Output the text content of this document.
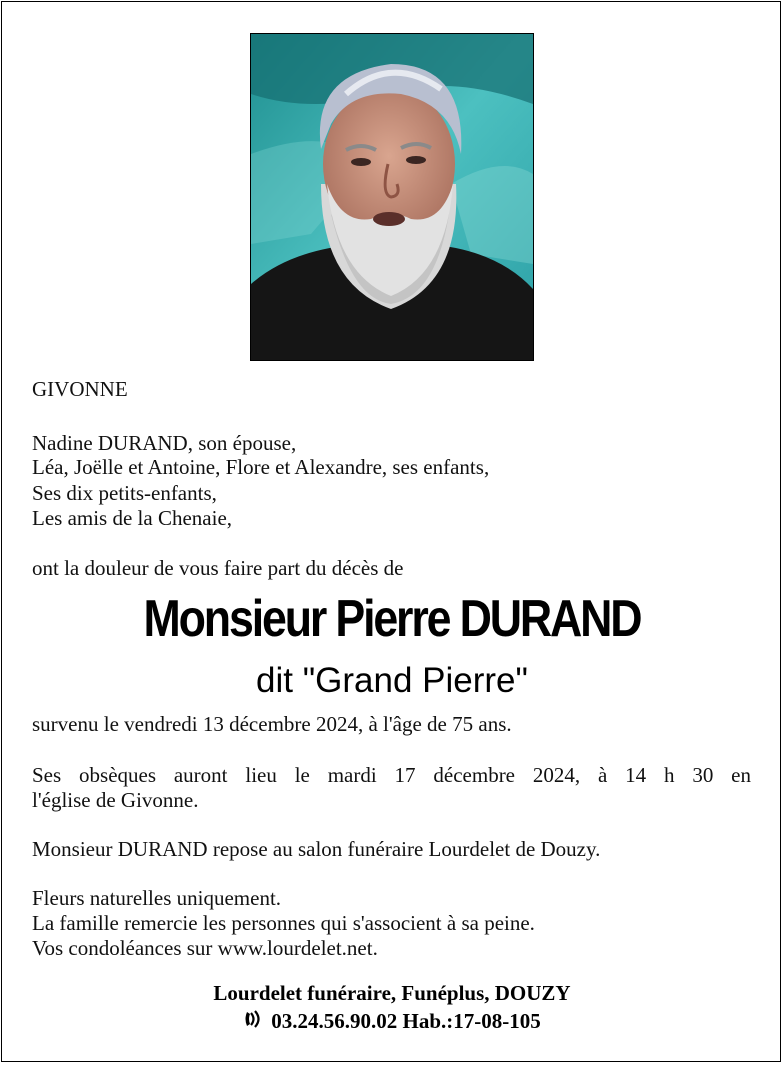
GIVONNE
Nadine DURAND, son épouse,
Léa, Joëlle et Antoine, Flore et Alexandre, ses enfants,
Ses dix petits-enfants,
Les amis de la Chenaie,
ont la douleur de vous faire part du décès de
Monsieur Pierre DURAND
dit "Grand Pierre"
survenu le vendredi 13 décembre 2024, à l'âge de 75 ans.
Ses obsèques auront lieu le mardi 17 décembre 2024, à 14 h 30 en
l'église de Givonne.
Monsieur DURAND repose au salon funéraire Lourdelet de Douzy.
Fleurs naturelles uniquement.
La famille remercie les personnes qui s'associent à sa peine.
Vos condoléances sur www.lourdelet.net.
Lourdelet funéraire, Funéplus, DOUZY
03.24.56.90.02 Hab.:17-08-105
